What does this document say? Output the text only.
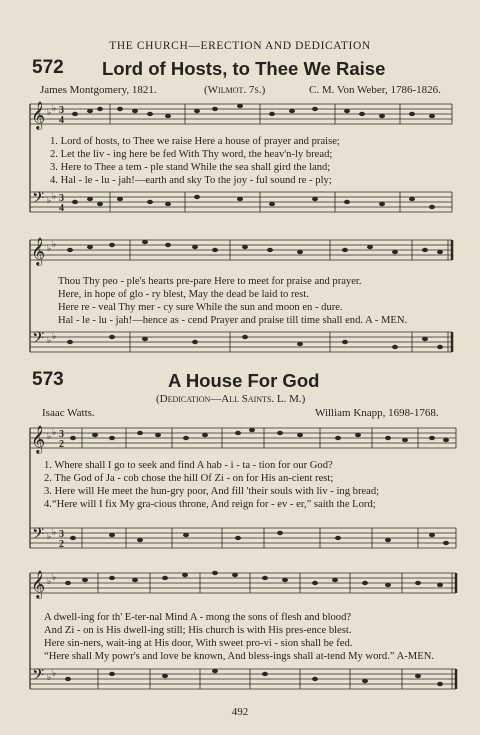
THE CHURCH—ERECTION AND DEDICATION
572 Lord of Hosts, to Thee We Raise
James Montgomery, 1821.	(Wilmot. 7s.)	C. M. Von Weber, 1786-1826.
𝄞
𝄢
♭ ♭
♭ ♭
3
4
3
4
1. Lord of hosts, to Thee we raise Here a house of prayer and praise;
2. Let the liv - ing here be fed With Thy word, the heav'n-ly bread;
3. Here to Thee a tem - ple stand While the sea shall gird the land;
4. Hal - le - lu - jah!—earth and sky To the joy - ful sound re - ply;
𝄞
𝄢
♭ ♭
♭ ♭
Thou Thy peo - ple's hearts pre-pare Here to meet for praise and prayer.
Here, in hope of glo - ry blest, May the dead be laid to rest.
Here re - veal Thy mer - cy sure While the sun and moon en - dure.
Hal - le - lu - jah!—hence as - cend Prayer and praise till time shall end. A - MEN.
573	A House For God
(Dedication—All Saints. L. M.)
Isaac Watts.	William Knapp, 1698-1768.
𝄞
𝄢
♭ ♭
♭ ♭
3
2
3
2
1. Where shall I go to seek and find A hab - i - ta - tion for our God?
2. The God of Ja - cob chose the hill Of Zi - on for His an-cient rest;
3. Here will He meet the hun-gry poor, And fill 'their souls with liv - ing bread;
4.“Here will I fix My gra-cious throne, And reign for - ev - er,” saith the Lord;
𝄞
𝄢
♭ ♭
♭ ♭
A dwell-ing for th' E-ter-nal Mind A - mong the sons of flesh and blood?
And Zi - on is His dwell-ing still; His church is with His pres-ence blest.
Here sin-ners, wait-ing at His door, With sweet pro-vi - sion shall be fed.
“Here shall My powr's and love be known, And bless-ings shall at-tend My word.” A-MEN.
492
